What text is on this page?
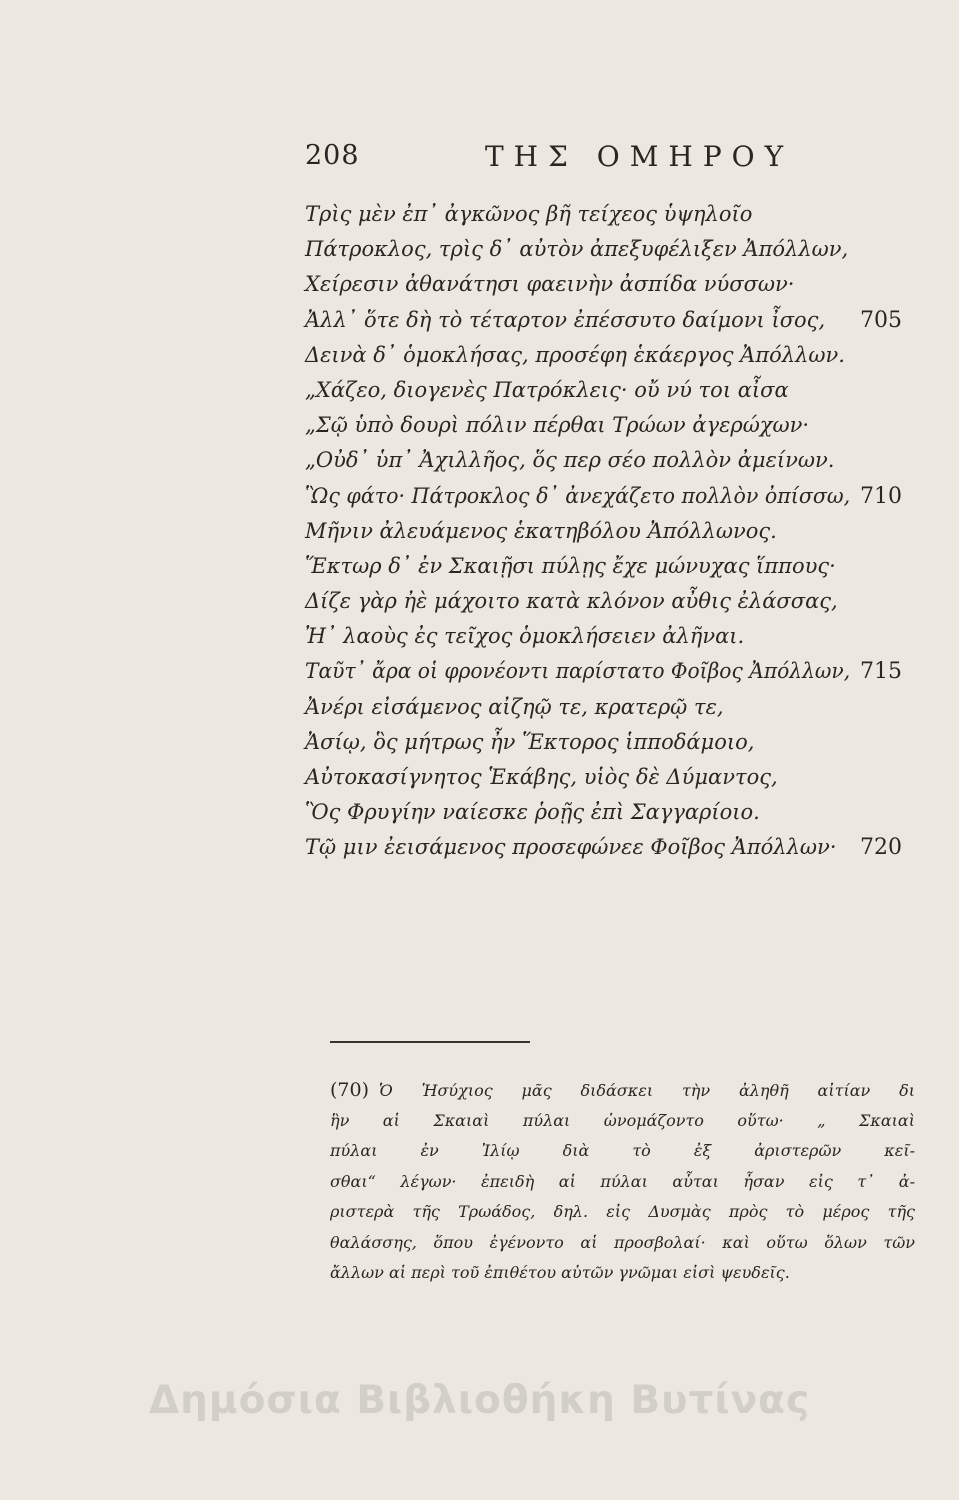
208	ΤΗΣ ΟΜΗΡΟΥ
Τρὶς μὲν ἐπ᾽ ἀγκῶνος βῆ τείχεος ὑψηλοῖο
Πάτροκλος, τρὶς δ᾽ αὐτὸν ἀπεξυφέλιξεν Ἀπόλλων,
Χείρεσιν ἀθανάτησι φαεινὴν ἀσπίδα νύσσων·
Ἀλλ᾽ ὅτε δὴ τὸ τέταρτον ἐπέσσυτο δαίμονι ἶσος, 705
Δεινὰ δ᾽ ὁμοκλήσας, προσέφη ἑκάεργος Ἀπόλλων.
„Χάζεο, διογενὲς Πατρόκλεις· οὔ νύ τοι αἶσα
„Σῷ ὑπὸ δουρὶ πόλιν πέρθαι Τρώων ἀγερώχων·
„Οὐδ᾽ ὑπ᾽ Ἀχιλλῆος, ὅς περ σέο πολλὸν ἀμείνων.
Ὣς φάτο· Πάτροκλος δ᾽ ἀνεχάζετο πολλὸν ὀπίσσω, 710
Μῆνιν ἀλευάμενος ἑκατηβόλου Ἀπόλλωνος.
Ἕκτωρ δ᾽ ἐν Σκαιῇσι πύλῃς ἔχε μώνυχας ἵππους·
Δίζε γὰρ ἠὲ μάχοιτο κατὰ κλόνον αὖθις ἐλάσσας,
Ἠ᾽ λαοὺς ἐς τεῖχος ὁμοκλήσειεν ἀλῆναι.
Ταῦτ᾽ ἄρα οἱ φρονέοντι παρίστατο Φοῖβος Ἀπόλλων, 715
Ἀνέρι εἰσάμενος αἰζηῷ τε, κρατερῷ τε,
Ἀσίῳ, ὃς μήτρως ἦν Ἕκτορος ἱπποδάμοιο,
Αὐτοκασίγνητος Ἑκάβης, υἱὸς δὲ Δύμαντος,
Ὃς Φρυγίην ναίεσκε ῥοῇς ἐπὶ Σαγγαρίοιο.
Τῷ μιν ἐεισάμενος προσεφώνεε Φοῖβος Ἀπόλλων· 720
(70) Ὁ Ἡσύχιος μᾶς διδάσκει τὴν ἀληθῆ αἰτίαν δι
ἣν αἱ Σκαιαὶ πύλαι ὠνομάζοντο οὕτω· „ Σκαιαὶ
πύλαι ἐν Ἰλίῳ διὰ τὸ ἐξ ἀριστερῶν κεῖ-
σθαι“ λέγων· ἐπειδὴ αἱ πύλαι αὗται ἦσαν εἰς τ᾽ ἀ-
ριστερὰ τῆς Τρωάδος, δηλ. εἰς Δυσμὰς πρὸς τὸ μέρος τῆς
θαλάσσης, ὅπου ἐγένοντο αἱ προσβολαί· καὶ οὕτω ὅλων τῶν
ἄλλων αἱ περὶ τοῦ ἐπιθέτου αὐτῶν γνῶμαι εἰσὶ ψευδεῖς.
Δημόσια Βιβλιοθήκη Βυτίνας
